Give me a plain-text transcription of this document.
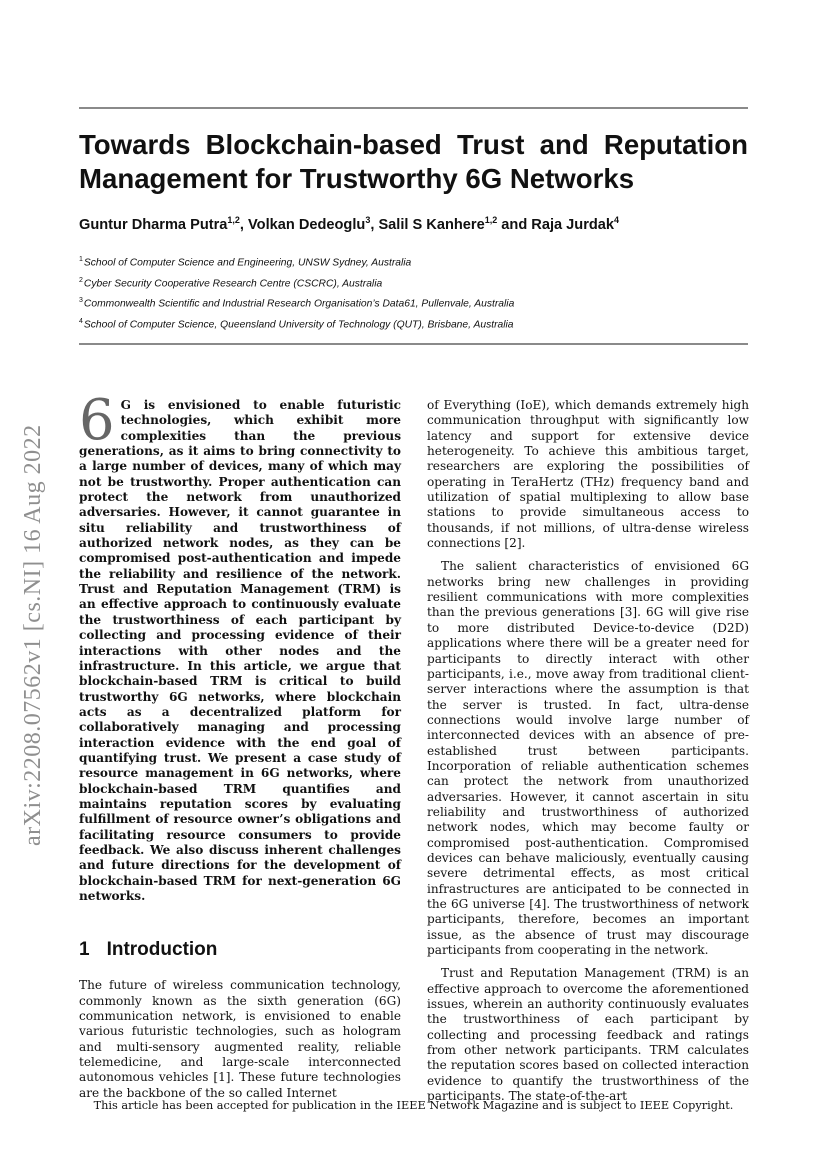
Towards Blockchain-based Trust and Reputation
Management for Trustworthy 6G Networks
Guntur Dharma Putra$^{1,2}$, Volkan Dedeoglu$^3$, Salil S Kanhere$^{1,2}$ and Raja Jurdak$^4$
$^1$School of Computer Science and Engineering, UNSW Sydney, Australia
$^2$Cyber Security Cooperative Research Centre (CSCRC), Australia
$^3$Commonwealth Scientific and Industrial Research Organisation’s Data61, Pullenvale, Australia
$^4$School of Computer Science, Queensland University of Technology (QUT), Brisbane, Australia
arXiv:2208.07562v1 [cs.NI] 16 Aug 2022

6 G is envisioned to enable futuristic technologies, which exhibit more complexities than the previous generations, as it aims to bring connectivity to a large number of devices, many of which may not be trustworthy. Proper authentication can protect the network from unauthorized adversaries. However, it cannot guarantee in situ reliability and trustworthiness of authorized network nodes, as they can be compromised post-authentication and impede the reliability and resilience of the network. Trust and Reputation Management (TRM) is an effective approach to continuously evaluate the trustworthiness of each participant by collecting and processing evidence of their interactions with other nodes and the infrastructure. In this article, we argue that blockchain-based TRM is critical to build trustworthy 6G networks, where blockchain acts as a decentralized platform for collaboratively managing and processing interaction evidence with the end goal of quantifying trust. We present a case study of resource management in 6G networks, where blockchain-based TRM quantifies and maintains reputation scores by evaluating fulfillment of resource owner’s obligations and facilitating resource consumers to provide feedback. We also discuss inherent challenges and future directions for the development of blockchain-based TRM for next-generation 6G networks.

1 Introduction

The future of wireless communication technology, commonly known as the sixth generation (6G) communication network, is envisioned to enable various futuristic technologies, such as hologram and multi-sensory augmented reality, reliable telemedicine, and large-scale interconnected autonomous vehicles [1]. These future technologies are the backbone of the so called Internet

of Everything (IoE), which demands extremely high communication throughput with significantly low latency and support for extensive device heterogeneity. To achieve this ambitious target, researchers are exploring the possibilities of operating in TeraHertz (THz) frequency band and utilization of spatial multiplexing to allow base stations to provide simultaneous access to thousands, if not millions, of ultra-dense wireless connections [2].

The salient characteristics of envisioned 6G networks bring new challenges in providing resilient communications with more complexities than the previous generations [3]. 6G will give rise to more distributed Device-to-device (D2D) applications where there will be a greater need for participants to directly interact with other participants, i.e., move away from traditional client-server interactions where the assumption is that the server is trusted. In fact, ultra-dense connections would involve large number of interconnected devices with an absence of pre-established trust between participants. Incorporation of reliable authentication schemes can protect the network from unauthorized adversaries. However, it cannot ascertain in situ reliability and trustworthiness of authorized network nodes, which may become faulty or compromised post-authentication. Compromised devices can behave maliciously, eventually causing severe detrimental effects, as most critical infrastructures are anticipated to be connected in the 6G universe [4]. The trustworthiness of network participants, therefore, becomes an important issue, as the absence of trust may discourage participants from cooperating in the network.

Trust and Reputation Management (TRM) is an effective approach to overcome the aforementioned issues, wherein an authority continuously evaluates the trustworthiness of each participant by collecting and processing feedback and ratings from other network participants. TRM calculates the reputation scores based on collected interaction evidence to quantify the trustworthiness of the participants. The state-of-the-art

This article has been accepted for publication in the IEEE Network Magazine and is subject to IEEE Copyright.
